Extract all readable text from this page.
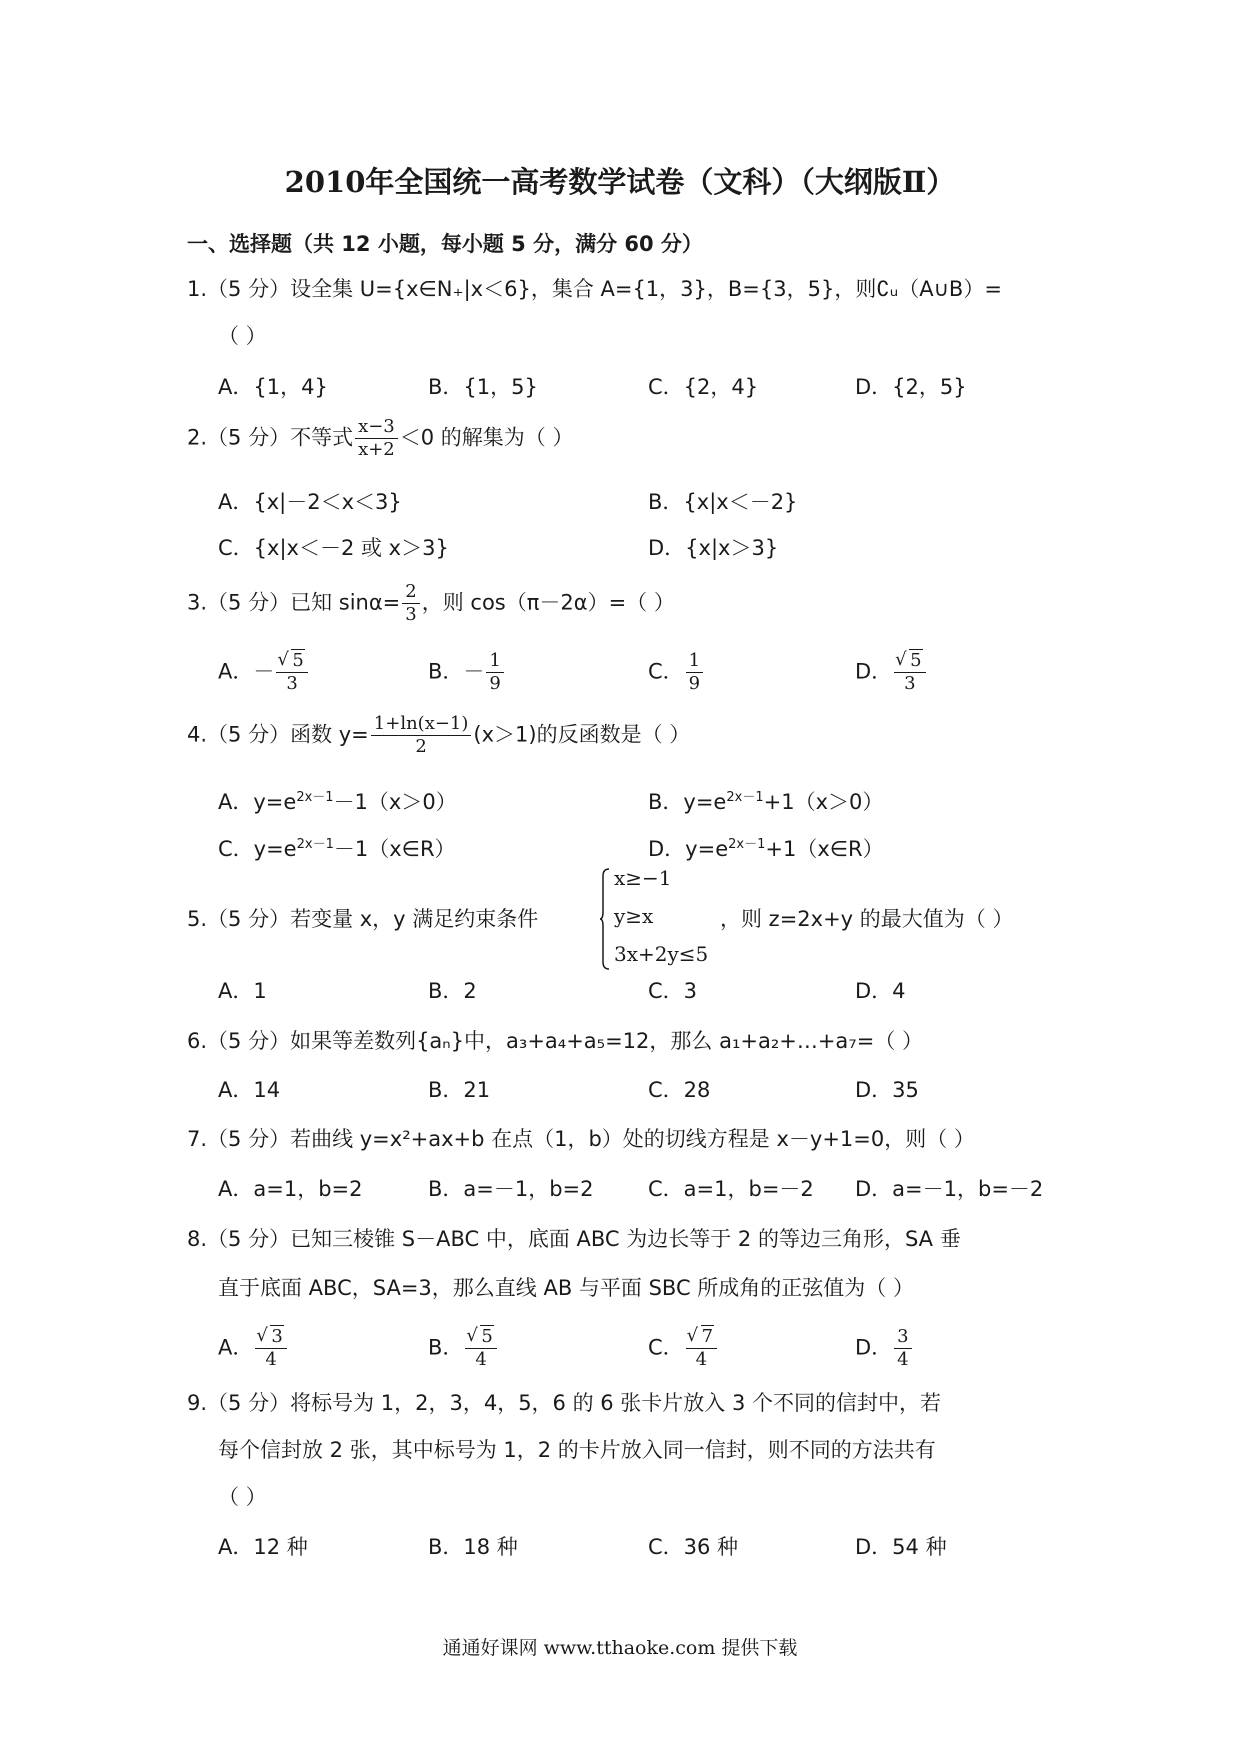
2010年全国统一高考数学试卷（文科）（大纲版Ⅱ）
一、选择题（共 12 小题，每小题 5 分，满分 60 分）
1.（5 分）设全集 U={x∈N₊|x＜6}，集合 A={1，3}，B={3，5}，则∁ᵤ（A∪B）=
（ ）
A．{1，4}	B．{1，5}	C．{2，4}	D．{2，5}
2.（5 分）不等式 $\frac{x-3}{x+2} <0$ 的解集为（ ）
A．{x|－2＜x＜3}	B．{x|x＜－2}
C．{x|x＜－2 或 x＞3}	D．{x|x＞3}
3.（5 分）已知 $\sin\alpha= \frac{2}{3}$ ，则 cos（π－2α）=（ ）
A．－ √ $\frac{5}{3}$	B．－ $\frac{1}{9}$	C． $\frac{1}{9}$	D． √ $\frac{5}{3}$
4.（5 分）函数 $y= \frac{1+\ln(x-1)}{2} (x>1)$的反函数是（ ）
A．$y=e^{2x-1}-1(x>0)$	B．$y=e^{2x-1}+1(x>0)$
C．$y=e^{2x-1}-1(x\in R)$	D．$y=e^{2x-1}+1(x\in R)$
5.（5 分）若变量 x，y 满足约束条件
x≥−1
y≥x
3x+2y≤5
，则 z=2x+y 的最大值为（ ）
A．1	B．2	C．3	D．4
6.（5 分）如果等差数列{aₙ}中，a₃+a₄+a₅=12，那么 a₁+a₂+…+a₇=（ ）
A．14	B．21	C．28	D．35
7.（5 分）若曲线 y=x²+ax+b 在点（1，b）处的切线方程是 x－y+1=0，则（ ）
A．a=1，b=2	B．a=－1，b=2	C．a=1，b=－2 D．a=－1，b=－2
8.（5 分）已知三棱锥 S－ABC 中，底面 ABC 为边长等于 2 的等边三角形，SA 垂
直于底面 ABC，SA=3，那么直线 AB 与平面 SBC 所成角的正弦值为（ ）
A． √ $\frac{3}{4}$	B． √ $\frac{5}{4}$	C． √ $\frac{7}{4}$	D． $\frac{3}{4}$
9.（5 分）将标号为 1，2，3，4，5，6 的 6 张卡片放入 3 个不同的信封中，若
每个信封放 2 张，其中标号为 1，2 的卡片放入同一信封，则不同的方法共有
（ ）
A．12 种	B．18 种	C．36 种	D．54 种
通通好课网 www.tthaoke.com 提供下载
